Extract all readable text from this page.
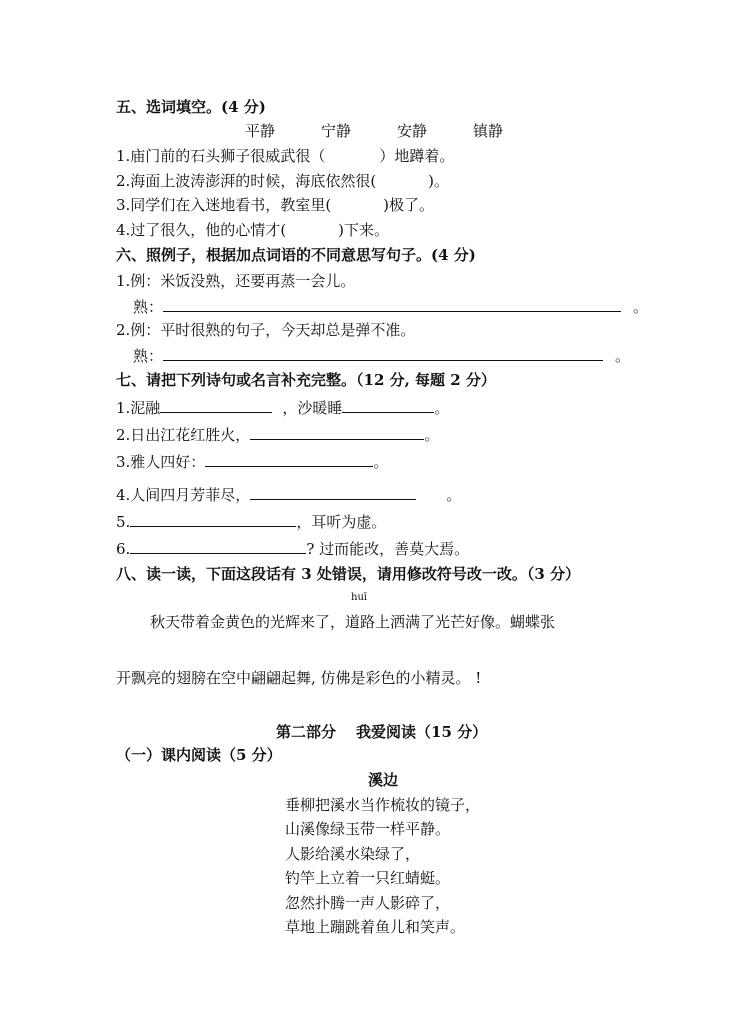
五、选词填空。(4 分)
平静	宁静	安静	镇静
1.庙门前的石头狮子很威武很（	）地蹲着。
2.海面上波涛澎湃的时候，海底依然很(	)。
3.同学们在入迷地看书，教室里(	)极了。
4.过了很久，他的心情才(	)下来。
六、照例子，根据加点词语的不同意思写句子。(4 分)
1.例：米饭没熟，还要再蒸一会儿。
熟：	。
2.例：平时很熟的句子，今天却总是弹不准。
熟：	。
七、请把下列诗句或名言补充完整。（12 分, 每题 2 分）
1.泥融	，沙暖睡	。
2.日出江花红胜火，	。
3.雅人四好：	。
4.人间四月芳菲尽，	。
5.	，耳听为虚。
6.	? 过而能改，善莫大焉。
八、读一读，下面这段话有 3 处错误，请用修改符号改一改。（3 分）
huī
秋天带着金黄色的光辉来了，道路上洒满了光芒好像。蝴蝶张
开飘亮的翅膀在空中翩翩起舞, 仿佛是彩色的小精灵。 !
第二部分 我爱阅读（15 分）
（一）课内阅读（5 分）
溪边
垂柳把溪水当作梳妆的镜子，
山溪像绿玉带一样平静。
人影给溪水染绿了，
钓竿上立着一只红蜻蜓。
忽然扑腾一声人影碎了，
草地上蹦跳着鱼儿和笑声。
